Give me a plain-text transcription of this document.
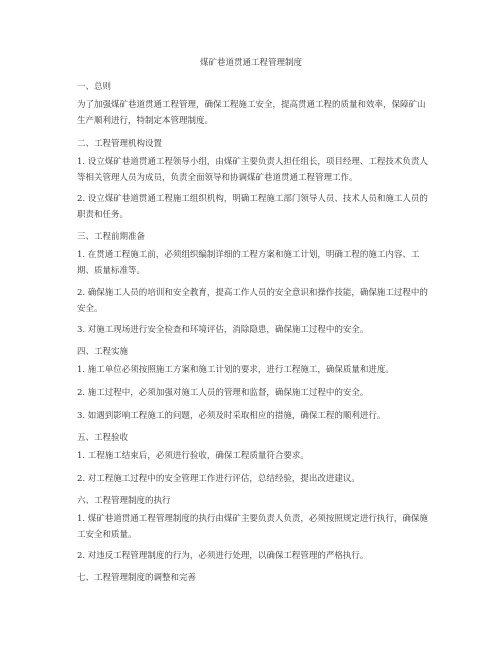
煤矿巷道贯通工程管理制度
一、总则
为了加强煤矿巷道贯通工程管理，确保工程施工安全，提高贯通工程的质量和效率，保障矿山生产顺利进行，特制定本管理制度。
二、工程管理机构设置
1. 设立煤矿巷道贯通工程领导小组，由煤矿主要负责人担任组长，项目经理、工程技术负责人等相关管理人员为成员，负责全面领导和协调煤矿巷道贯通工程管理工作。
2. 设立煤矿巷道贯通工程施工组织机构，明确工程施工部门领导人员、技术人员和施工人员的职责和任务。
三、工程前期准备
1. 在贯通工程施工前，必须组织编制详细的工程方案和施工计划，明确工程的施工内容、工期、质量标准等。
2. 确保施工人员的培训和安全教育，提高工作人员的安全意识和操作技能，确保施工过程中的安全。
3. 对施工现场进行安全检查和环境评估，消除隐患，确保施工过程中的安全。
四、工程实施
1. 施工单位必须按照施工方案和施工计划的要求，进行工程施工，确保质量和进度。
2. 施工过程中，必须加强对施工人员的管理和监督，确保施工过程中的安全。
3. 如遇到影响工程施工的问题，必须及时采取相应的措施，确保工程的顺利进行。
五、工程验收
1. 工程施工结束后，必须进行验收，确保工程质量符合要求。
2. 对工程施工过程中的安全管理工作进行评估，总结经验，提出改进建议。
六、工程管理制度的执行
1. 煤矿巷道贯通工程管理制度的执行由煤矿主要负责人负责，必须按照规定进行执行，确保施工安全和质量。
2. 对违反工程管理制度的行为，必须进行处理，以确保工程管理的严格执行。
七、工程管理制度的调整和完善
